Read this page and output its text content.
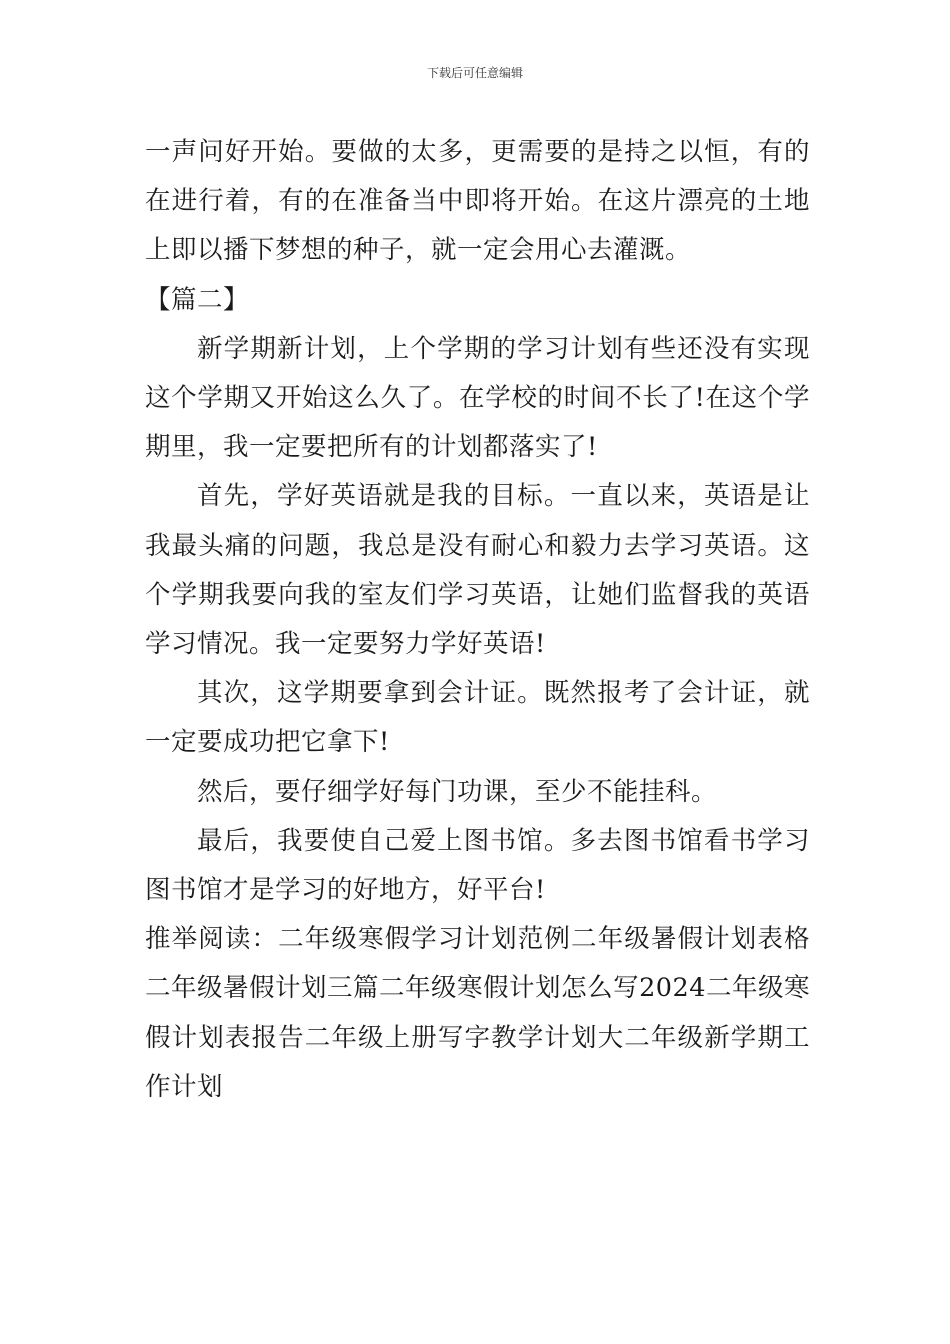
下载后可任意编辑

一声问好开始。要做的太多，更需要的是持之以恒，有的在进行着，有的在准备当中即将开始。在这片漂亮的土地上即以播下梦想的种子，就一定会用心去灌溉。

【篇二】

新学期新计划，上个学期的学习计划有些还没有实现这个学期又开始这么久了。在学校的时间不长了!在这个学期里，我一定要把所有的计划都落实了!

首先，学好英语就是我的目标。一直以来，英语是让我最头痛的问题，我总是没有耐心和毅力去学习英语。这个学期我要向我的室友们学习英语，让她们监督我的英语学习情况。我一定要努力学好英语!

其次，这学期要拿到会计证。既然报考了会计证，就一定要成功把它拿下!

然后，要仔细学好每门功课，至少不能挂科。

最后，我要使自己爱上图书馆。多去图书馆看书学习图书馆才是学习的好地方，好平台!

推举阅读：二年级寒假学习计划范例二年级暑假计划表格二年级暑假计划三篇二年级寒假计划怎么写2024二年级寒假计划表报告二年级上册写字教学计划大二年级新学期工作计划
